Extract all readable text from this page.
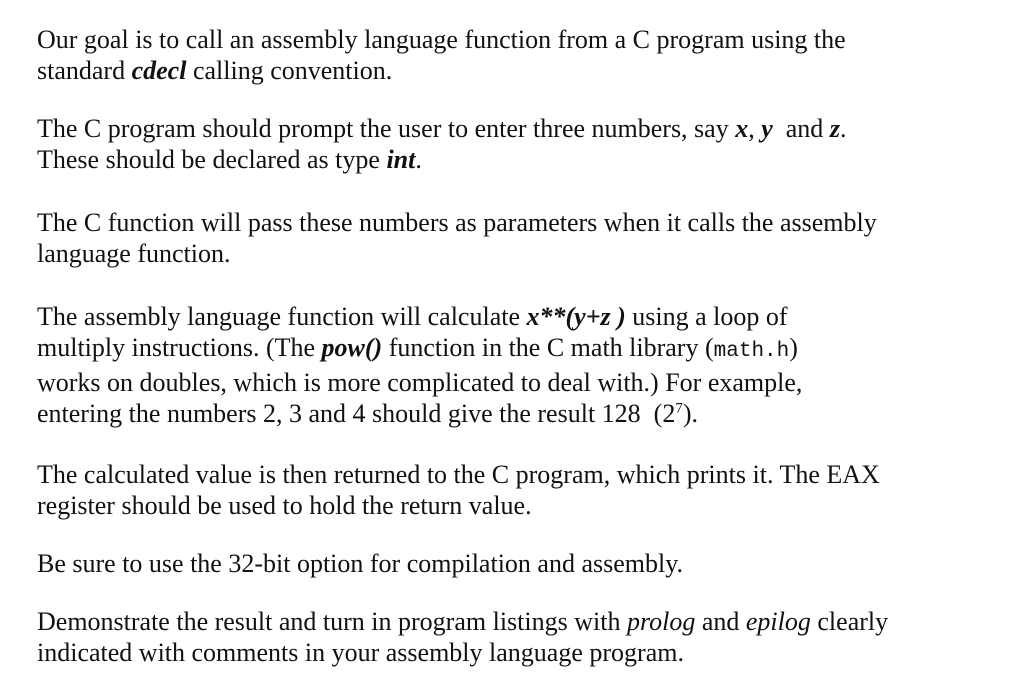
Our goal is to call an assembly language function from a C program using the
standard cdecl calling convention.

The C program should prompt the user to enter three numbers, say x, y  and z.
These should be declared as type int.

The C function will pass these numbers as parameters when it calls the assembly
language function.

The assembly language function will calculate x**(y+z ) using a loop of
multiply instructions. (The pow() function in the C math library (math.h)
works on doubles, which is more complicated to deal with.) For example,
entering the numbers 2, 3 and 4 should give the result 128  $(2^7)$.

The calculated value is then returned to the C program, which prints it. The EAX
register should be used to hold the return value.

Be sure to use the 32-bit option for compilation and assembly.

Demonstrate the result and turn in program listings with prolog and epilog clearly
indicated with comments in your assembly language program.
